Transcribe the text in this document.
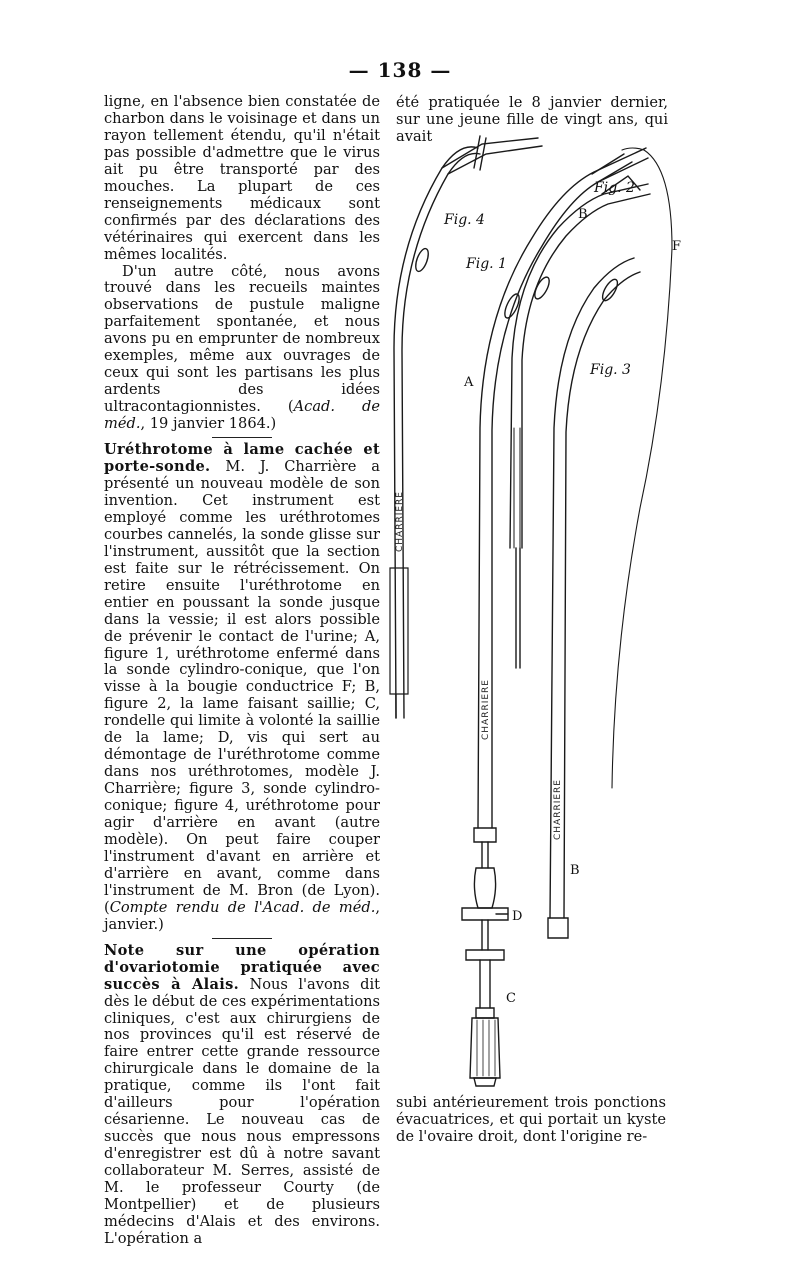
— 138 —

ligne, en l'absence bien constatée de charbon dans le voisinage et dans un rayon tellement étendu, qu'il n'était pas possible d'admettre que le virus ait pu être transporté par des mouches. La plupart de ces renseignements médicaux sont confirmés par des déclarations des vétérinaires qui exercent dans les mêmes localités.

D'un autre côté, nous avons trouvé dans les recueils maintes observations de pustule maligne parfaitement spontanée, et nous avons pu en emprunter de nombreux exemples, même aux ouvrages de ceux qui sont les partisans les plus ardents des idées ultracontagionnistes. (Acad. de méd., 19 janvier 1864.)

Uréthrotome à lame cachée et porte-sonde. M. J. Charrière a présenté un nouveau modèle de son invention. Cet instrument est employé comme les uréthrotomes courbes cannelés, la sonde glisse sur l'instrument, aussitôt que la section est faite sur le rétrécissement. On retire ensuite l'uréthrotome en entier en poussant la sonde jusque dans la vessie; il est alors possible de prévenir le contact de l'urine; A, figure 1, uréthrotome enfermé dans la sonde cylindro-conique, que l'on visse à la bougie conductrice F; B, figure 2, la lame faisant saillie; C, rondelle qui limite à volonté la saillie de la lame; D, vis qui sert au démontage de l'uréthrotome comme dans nos uréthrotomes, modèle J. Charrière; figure 3, sonde cylindro-conique; figure 4, uréthrotome pour agir d'arrière en avant (autre modèle). On peut faire couper l'instrument d'avant en arrière et d'arrière en avant, comme dans l'instrument de M. Bron (de Lyon). (Compte rendu de l'Acad. de méd., janvier.)

Note sur une opération d'ovariotomie pratiquée avec succès à Alais. Nous l'avons dit dès le début de ces expérimentations cliniques, c'est aux chirurgiens de nos provinces qu'il est réservé de faire entrer cette grande ressource chirurgicale dans le domaine de la pratique, comme ils l'ont fait d'ailleurs pour l'opération césarienne. Le nouveau cas de succès que nous nous empressons d'enregistrer est dû à notre savant collaborateur M. Serres, assisté de M. le professeur Courty (de Montpellier) et de plusieurs médecins d'Alais et des environs. L'opération a

été pratiquée le 8 janvier dernier, sur une jeune fille de vingt ans, qui avait
CHARRIERE
CHARRIERE
CHARRIERE
Fig. 4
Fig. 1
Fig. 2
Fig. 3
A
B
F
B
D
C
subi antérieurement trois ponctions évacuatrices, et qui portait un kyste de l'ovaire droit, dont l'origine re-
